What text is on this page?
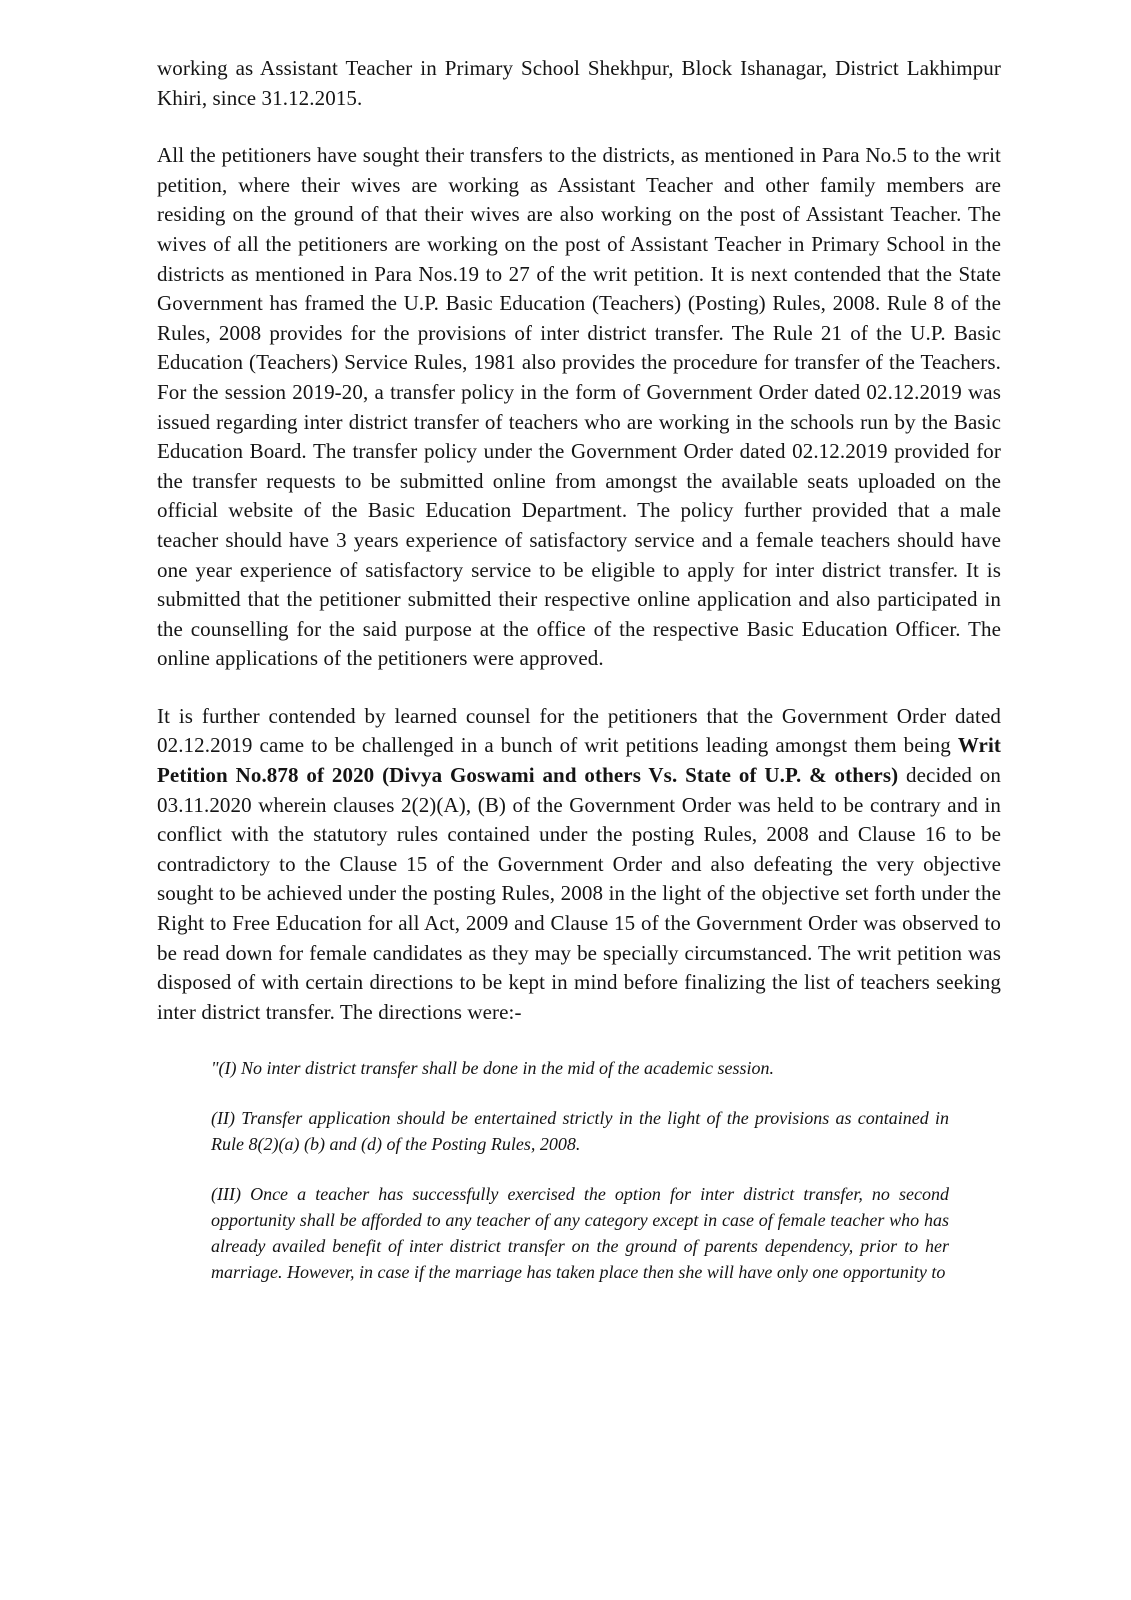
working as Assistant Teacher in Primary School Shekhpur, Block Ishanagar, District Lakhimpur Khiri, since 31.12.2015.

All the petitioners have sought their transfers to the districts, as mentioned in Para No.5 to the writ petition, where their wives are working as Assistant Teacher and other family members are residing on the ground of that their wives are also working on the post of Assistant Teacher. The wives of all the petitioners are working on the post of Assistant Teacher in Primary School in the districts as mentioned in Para Nos.19 to 27 of the writ petition. It is next contended that the State Government has framed the U.P. Basic Education (Teachers) (Posting) Rules, 2008. Rule 8 of the Rules, 2008 provides for the provisions of inter district transfer. The Rule 21 of the U.P. Basic Education (Teachers) Service Rules, 1981 also provides the procedure for transfer of the Teachers. For the session 2019-20, a transfer policy in the form of Government Order dated 02.12.2019 was issued regarding inter district transfer of teachers who are working in the schools run by the Basic Education Board. The transfer policy under the Government Order dated 02.12.2019 provided for the transfer requests to be submitted online from amongst the available seats uploaded on the official website of the Basic Education Department. The policy further provided that a male teacher should have 3 years experience of satisfactory service and a female teachers should have one year experience of satisfactory service to be eligible to apply for inter district transfer. It is submitted that the petitioner submitted their respective online application and also participated in the counselling for the said purpose at the office of the respective Basic Education Officer. The online applications of the petitioners were approved.

It is further contended by learned counsel for the petitioners that the Government Order dated 02.12.2019 came to be challenged in a bunch of writ petitions leading amongst them being Writ Petition No.878 of 2020 (Divya Goswami and others Vs. State of U.P. & others) decided on 03.11.2020 wherein clauses 2(2)(A), (B) of the Government Order was held to be contrary and in conflict with the statutory rules contained under the posting Rules, 2008 and Clause 16 to be contradictory to the Clause 15 of the Government Order and also defeating the very objective sought to be achieved under the posting Rules, 2008 in the light of the objective set forth under the Right to Free Education for all Act, 2009 and Clause 15 of the Government Order was observed to be read down for female candidates as they may be specially circumstanced. The writ petition was disposed of with certain directions to be kept in mind before finalizing the list of teachers seeking inter district transfer. The directions were:-

"(I) No inter district transfer shall be done in the mid of the academic session.

(II) Transfer application should be entertained strictly in the light of the provisions as contained in Rule 8(2)(a) (b) and (d) of the Posting Rules, 2008.

(III) Once a teacher has successfully exercised the option for inter district transfer, no second opportunity shall be afforded to any teacher of any category except in case of female teacher who has already availed benefit of inter district transfer on the ground of parents dependency, prior to her marriage. However, in case if the marriage has taken place then she will have only one opportunity to
